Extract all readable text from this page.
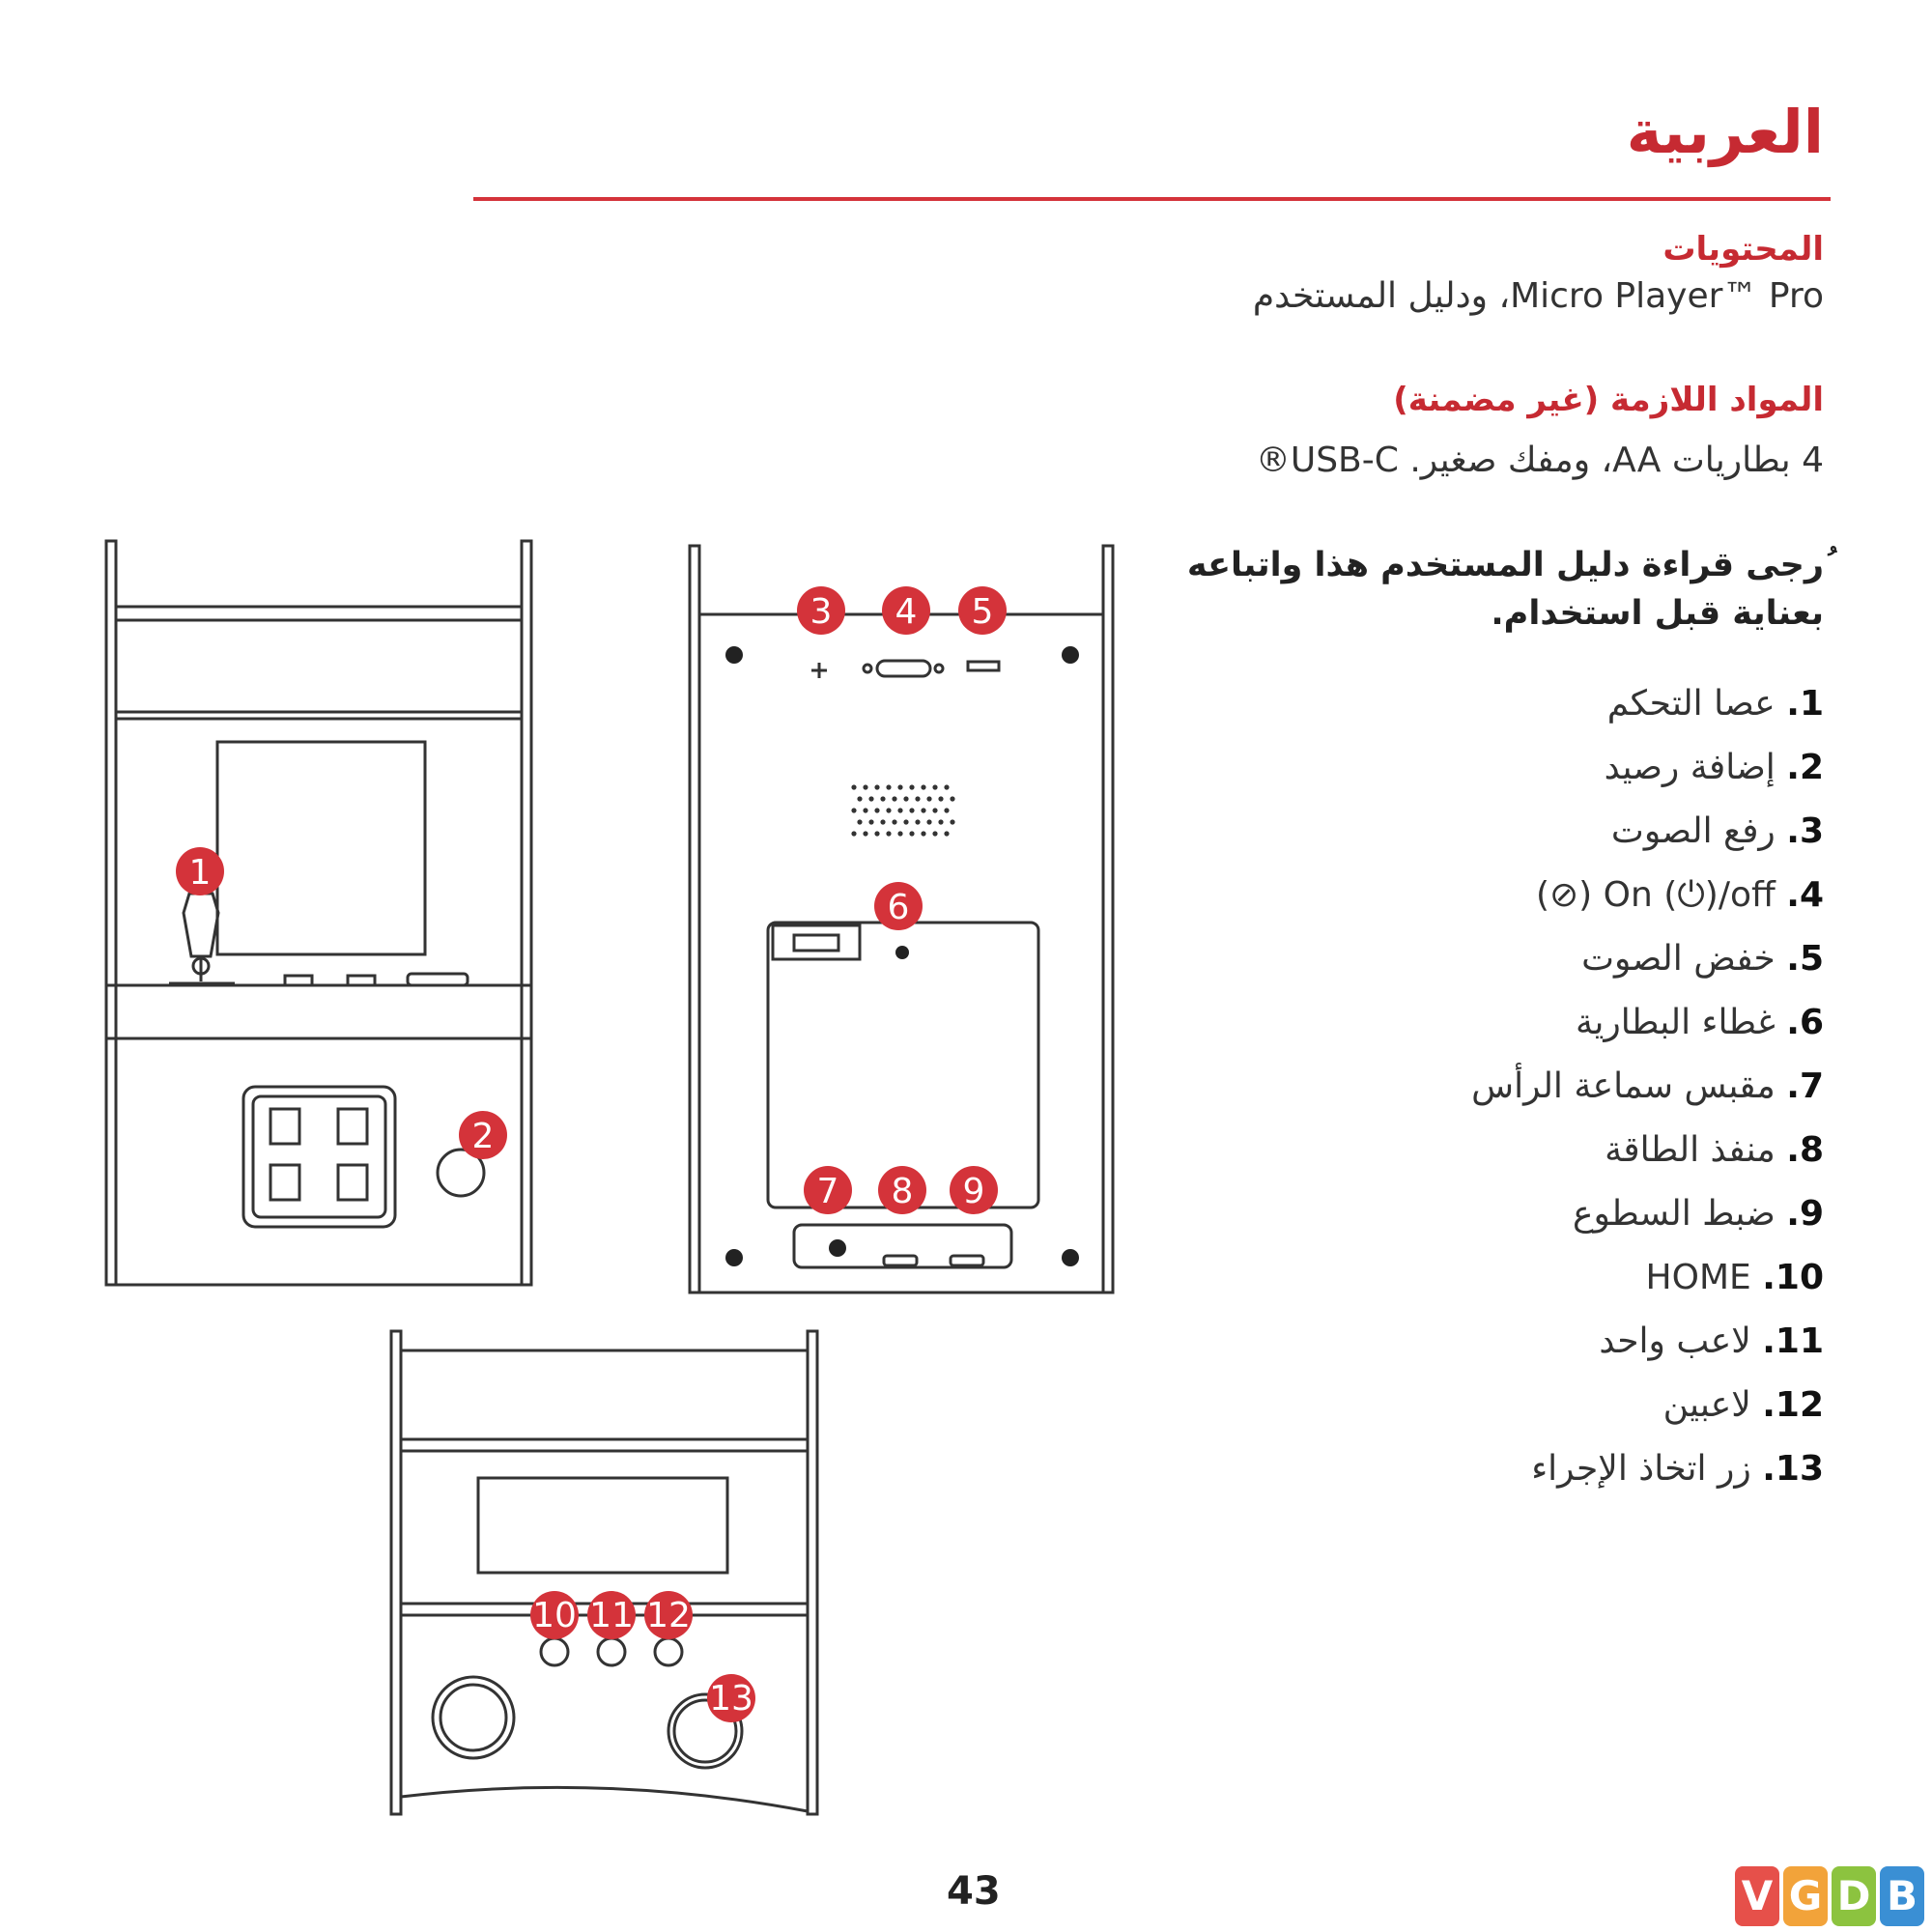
العربية
المحتويات
Micro Player™ Pro، ودليل المستخدم
المواد اللازمة (غير مضمنة)
4 بطاريات AA، ومفك صغير. USB-C®
ُرجى قراءة دليل المستخدم هذا واتباعه بعناية قبل استخدام.
1. عصا التحكم
2. إضافة رصيد
3. رفع الصوت
4. On (⏻)/off (⦸)
5. خفض الصوت
6. غطاء البطارية
7. مقبس سماعة الرأس
8. منفذ الطاقة
9. ضبط السطوع
10. HOME
11. لاعب واحد
12. لاعبين
13. زر اتخاذ الإجراء
1
2
3 4 5
6
7 8 9
10 11 12
13
43	V G D B
